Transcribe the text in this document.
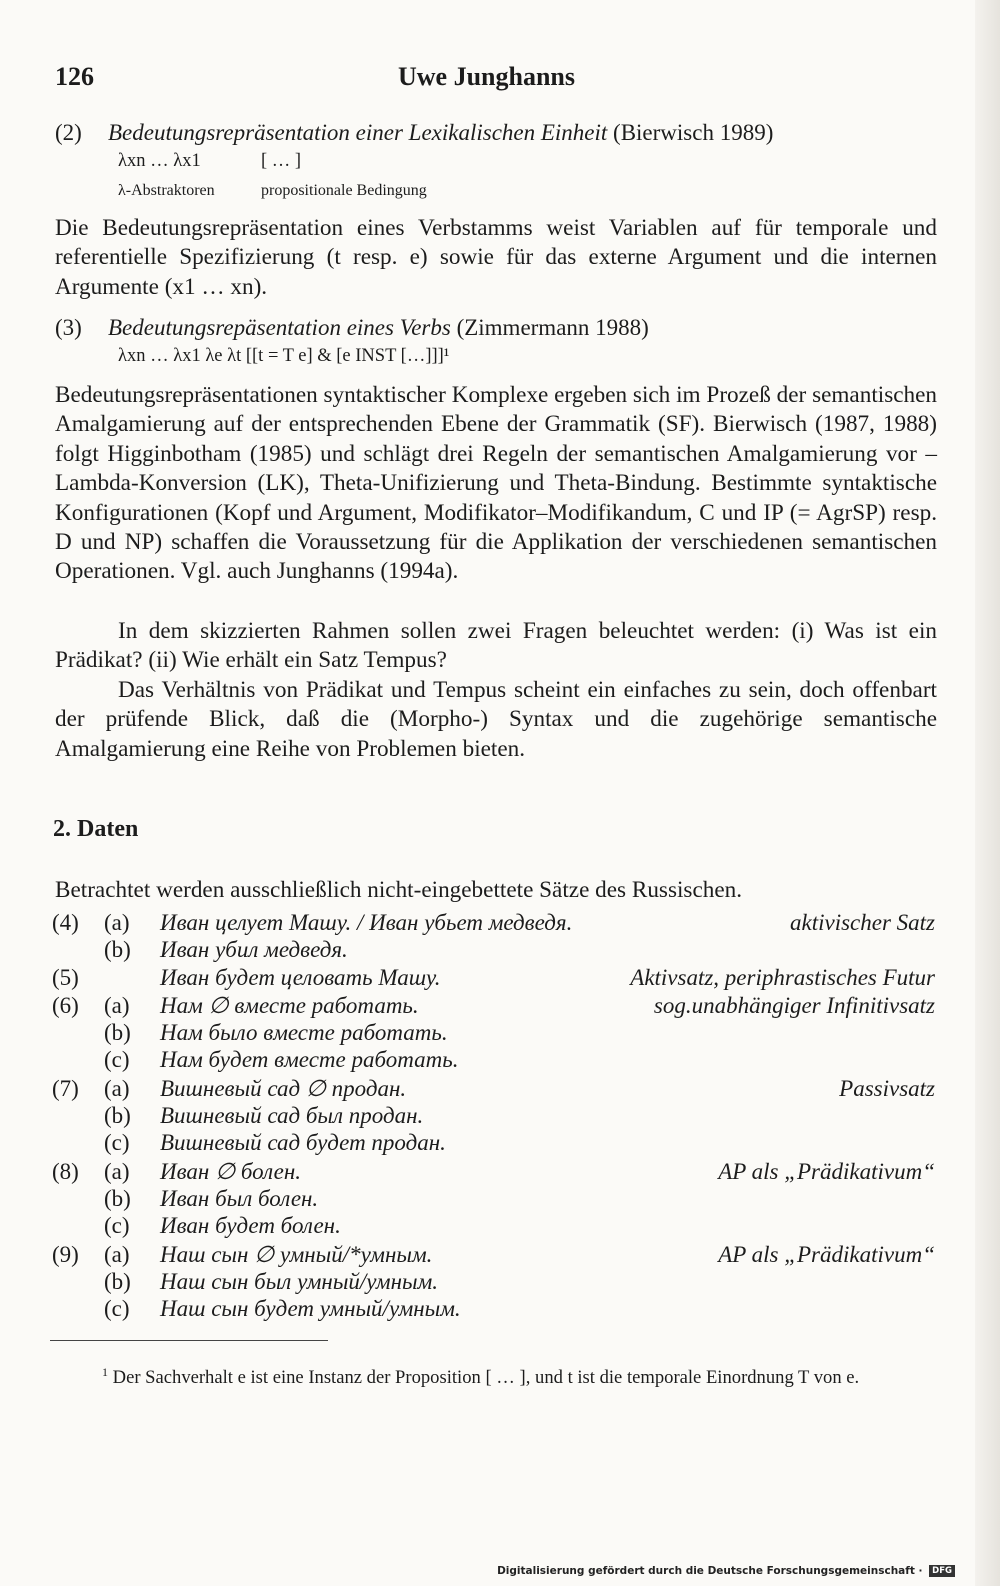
126	Uwe Junghanns
(2) Bedeutungsrepräsentation einer Lexikalischen Einheit (Bierwisch 1989)
λxn … λx1	[ … ]
λ-Abstraktoren	propositionale Bedingung
Die Bedeutungsrepräsentation eines Verbstamms weist Variablen auf für temporale und referentielle Spezifizierung (t resp. e) sowie für das externe Argument und die internen Argumente (x1 … xn).
(3) Bedeutungsrepäsentation eines Verbs (Zimmermann 1988)
λxn … λx1 λe λt [[t = T e] & [e INST […]]]¹
Bedeutungsrepräsentationen syntaktischer Komplexe ergeben sich im Prozeß der semantischen Amalgamierung auf der entsprechenden Ebene der Grammatik (SF). Bierwisch (1987, 1988) folgt Higginbotham (1985) und schlägt drei Regeln der semantischen Amalgamierung vor – Lambda-Konversion (LK), Theta-Unifizierung und Theta-Bindung. Bestimmte syntaktische Konfigurationen (Kopf und Argument, Modifikator–Modifikandum, C und IP (= AgrSP) resp. D und NP) schaffen die Voraussetzung für die Applikation der verschiedenen semantischen Operationen. Vgl. auch Junghanns (1994a).
In dem skizzierten Rahmen sollen zwei Fragen beleuchtet werden: (i) Was ist ein Prädikat? (ii) Wie erhält ein Satz Tempus?
Das Verhältnis von Prädikat und Tempus scheint ein einfaches zu sein, doch offenbart der prüfende Blick, daß die (Morpho-) Syntax und die zugehörige semantische Amalgamierung eine Reihe von Problemen bieten.
2. Daten
Betrachtet werden ausschließlich nicht-eingebettete Sätze des Russischen.
(4) (a) Иван целует Машу. / Иван убьет медведя.	aktivischer Satz
(b) Иван убил медведя.
(5)	Иван будет целовать Машу.	Aktivsatz, periphrastisches Futur
(6) (a) Нам ∅ вместе работать.	sog.unabhängiger Infinitivsatz
(b) Нам было вместе работать.
(c) Нам будет вместе работать.
(7) (a) Вишневый сад ∅ продан.	Passivsatz
(b) Вишневый сад был продан.
(c) Вишневый сад будет продан.
(8) (a) Иван ∅ болен.	AP als „Prädikativum“
(b) Иван был болен.
(c) Иван будет болен.
(9) (a) Наш сын ∅ умный/*умным.	AP als „Prädikativum“
(b) Наш сын был умный/умным.
(c) Наш сын будет умный/умным.
$^1$ Der Sachverhalt e ist eine Instanz der Proposition [ … ], und t ist die temporale Einordnung T von e.
Digitalisierung gefördert durch die Deutsche Forschungsgemeinschaft · DFG
